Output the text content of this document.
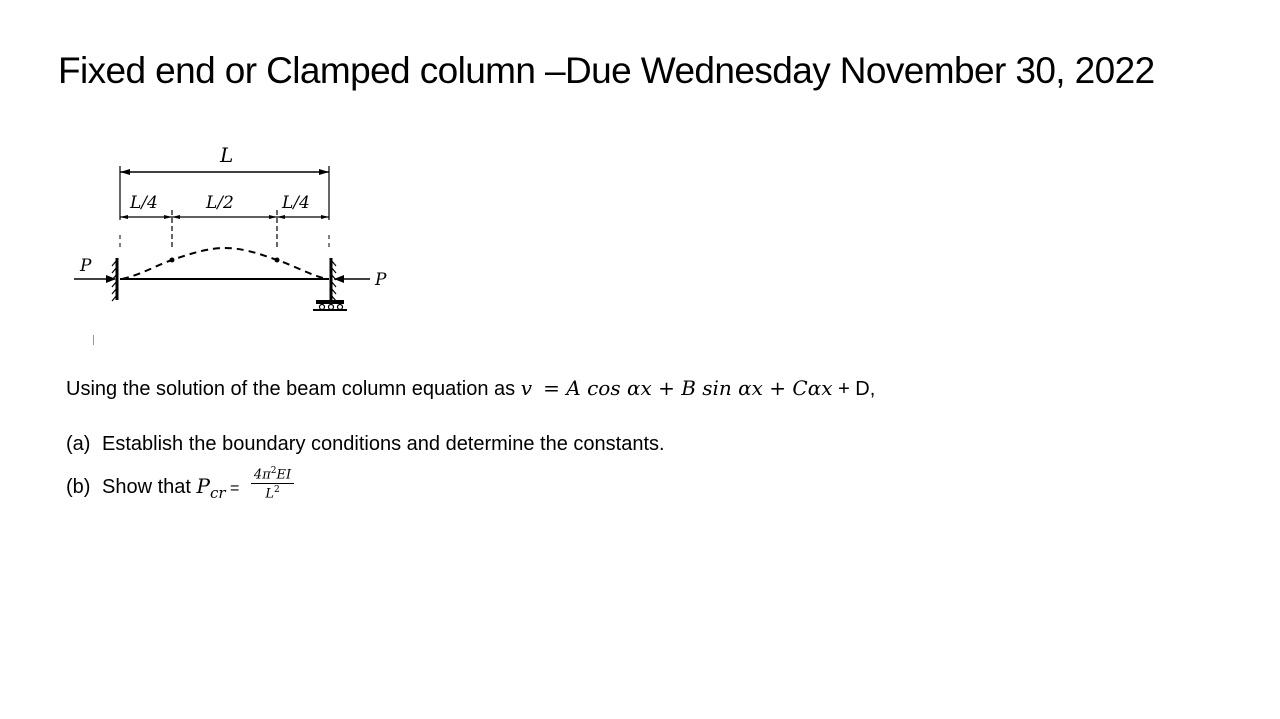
Fixed end or Clamped column –Due Wednesday November 30, 2022
L
L/4	L/2	L/4
P
P
Using the solution of the beam column equation as v = A cos αx + B sin αx + Cαx + D,
(a) Establish the boundary conditions and determine the constants.
(b) Show that $P_{cr} = \frac{4\pi^2EI}{L^2}$
